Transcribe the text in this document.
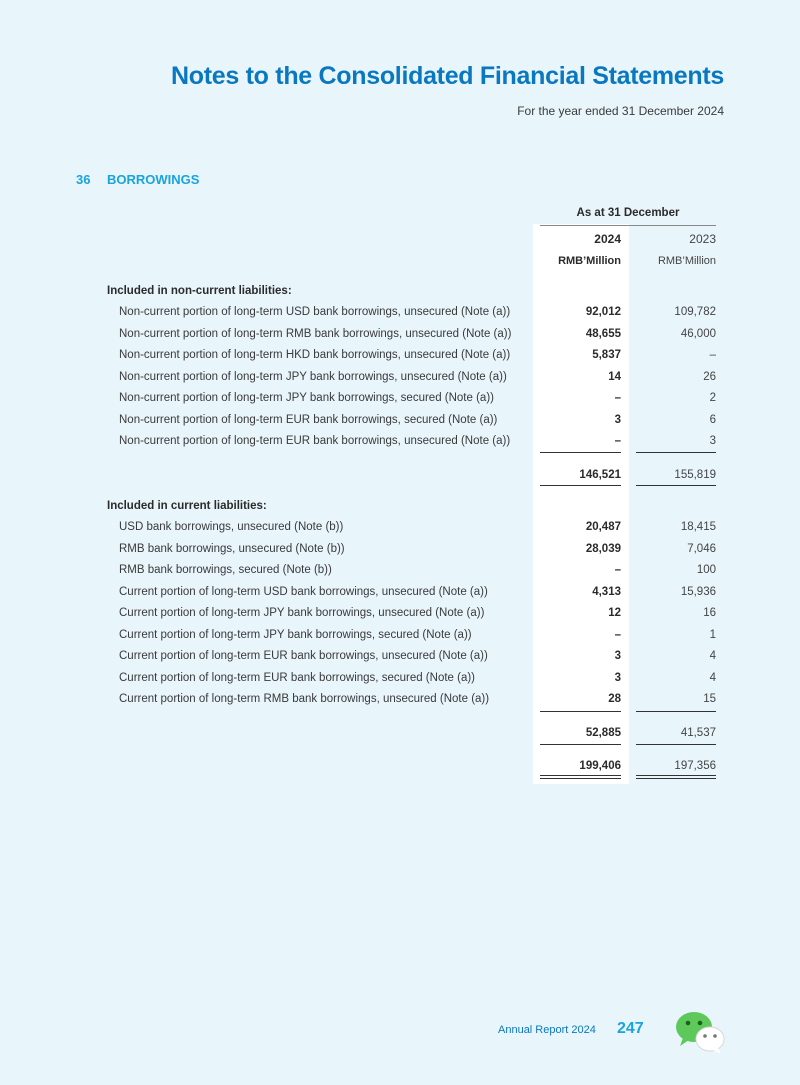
Notes to the Consolidated Financial Statements
For the year ended 31 December 2024
36 BORROWINGS
As at 31 December
2024	2023
RMB’Million	RMB’Million
Included in non-current liabilities:
Non-current portion of long-term USD bank borrowings, unsecured (Note (a))	92,012	109,782
Non-current portion of long-term RMB bank borrowings, unsecured (Note (a))	48,655	46,000
Non-current portion of long-term HKD bank borrowings, unsecured (Note (a))	5,837	–
Non-current portion of long-term JPY bank borrowings, unsecured (Note (a))	14	26
Non-current portion of long-term JPY bank borrowings, secured (Note (a))	–	2
Non-current portion of long-term EUR bank borrowings, secured (Note (a))	3	6
Non-current portion of long-term EUR bank borrowings, unsecured (Note (a))	–	3
146,521	155,819
Included in current liabilities:
USD bank borrowings, unsecured (Note (b))	20,487	18,415
RMB bank borrowings, unsecured (Note (b))	28,039	7,046
RMB bank borrowings, secured (Note (b))	–	100
Current portion of long-term USD bank borrowings, unsecured (Note (a))	4,313	15,936
Current portion of long-term JPY bank borrowings, unsecured (Note (a))	12	16
Current portion of long-term JPY bank borrowings, secured (Note (a))	–	1
Current portion of long-term EUR bank borrowings, unsecured (Note (a))	3	4
Current portion of long-term EUR bank borrowings, secured (Note (a))	3	4
Current portion of long-term RMB bank borrowings, unsecured (Note (a))	28	15
52,885	41,537
199,406	197,356
Annual Report 2024 247
